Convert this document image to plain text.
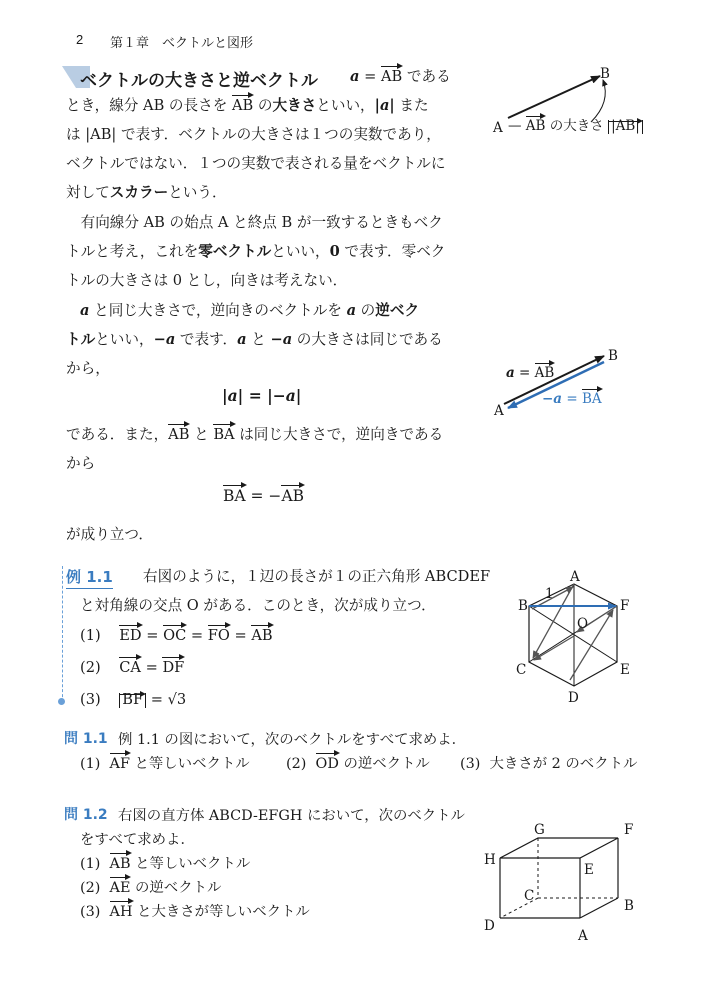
2 第１章　ベクトルと図形
ベクトルの大きさと逆ベクトル a = AB である
とき，線分 AB の長さを AB の大きさといい，|a| また
は |AB| で表す．ベクトルの大きさは１つの実数であり，
ベクトルではない．１つの実数で表される量をベクトルに
対してスカラーという．
　有向線分 AB の始点 A と終点 B が一致するときもベク
トルと考え，これを零ベクトルといい，0 で表す．零ベク
トルの大きさは 0 とし，向きは考えない．
a と同じ大きさで，逆向きのベクトルを a の逆ベク
トルといい，−a で表す．a と −a の大きさは同じである
から，
|a| = |−a|
である．また，AB と BA は同じ大きさで，逆向きである
から
BA = −AB
が成り立つ．
B
A — AB の大きさ |AB|
B
A
a = AB
−a = BA
例 1.1 右図のように，１辺の長さが１の正六角形 ABCDEF
と対角線の交点 O がある．このとき，次が成り立つ．
(1) ED = OC = FO = AB
(2) CA = DF
(3) BF = √3
A
B
C
D
E
F
O
1
問 1.1 例 1.1 の図において，次のベクトルをすべて求めよ．
(1) AF と等しいベクトル	(2) OD の逆ベクトル (3) 大きさが 2 のベクトル
問 1.2 右図の直方体 ABCD-EFGH において，次のベクトル
をすべて求めよ．
(1) AB と等しいベクトル
(2) AE の逆ベクトル
(3) AH と大きさが等しいベクトル
A
B
C
D
E
F
G
H
